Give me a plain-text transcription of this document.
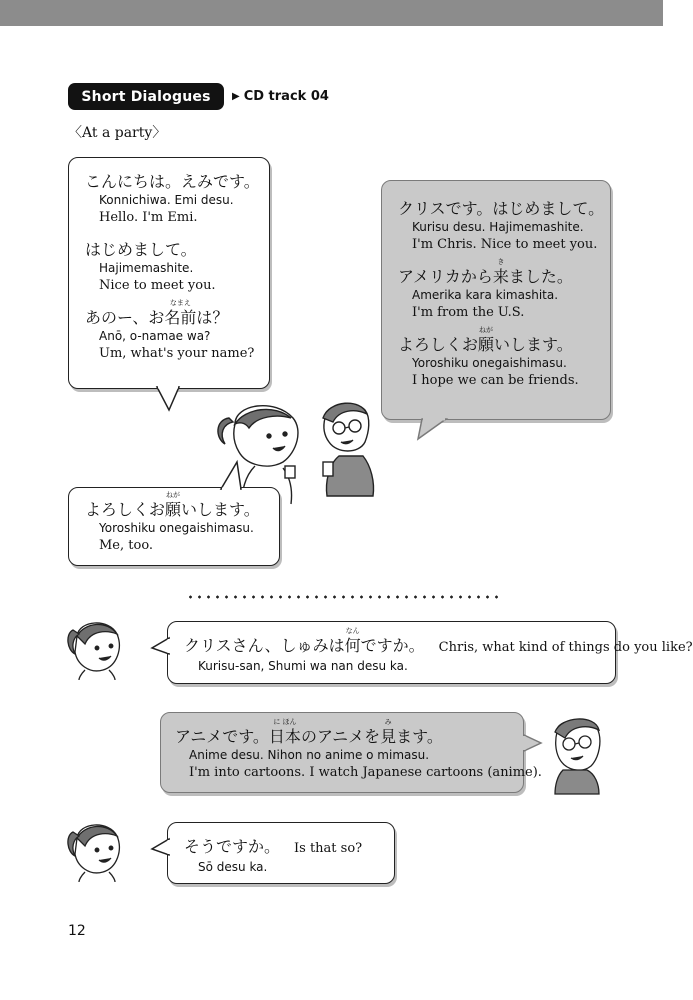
Short Dialogues	▶ CD track 04
〈At a party〉
こんにちは。えみです。
Konnichiwa. Emi desu.
Hello. I'm Emi.
はじめまして。
Hajimemashite.
Nice to meet you.
あのー、お
なまえ
名前は？
Anō, o-namae wa?
Um, what's your name?
クリスです。はじめまして。
Kurisu desu. Hajimemashite.
I'm Chris. Nice to meet you.
アメリカから
き
来ました。
Amerika kara kimashita.
I'm from the U.S.
よろしくお
ねが
願いします。
Yoroshiku onegaishimasu.
I hope we can be friends.
よろしくお
ねが
願いします。
Yoroshiku onegaishimasu.
Me, too.
クリスさん、しゅみは
なん
何ですか。 Chris, what kind of things do you like?
Kurisu-san, Shumi wa nan desu ka.
アニメです。
に ほん
日本のアニメを
み
見ます。
Anime desu. Nihon no anime o mimasu.
I'm into cartoons. I watch Japanese cartoons (anime).
そうですか。 Is that so?
Sō desu ka.
12
